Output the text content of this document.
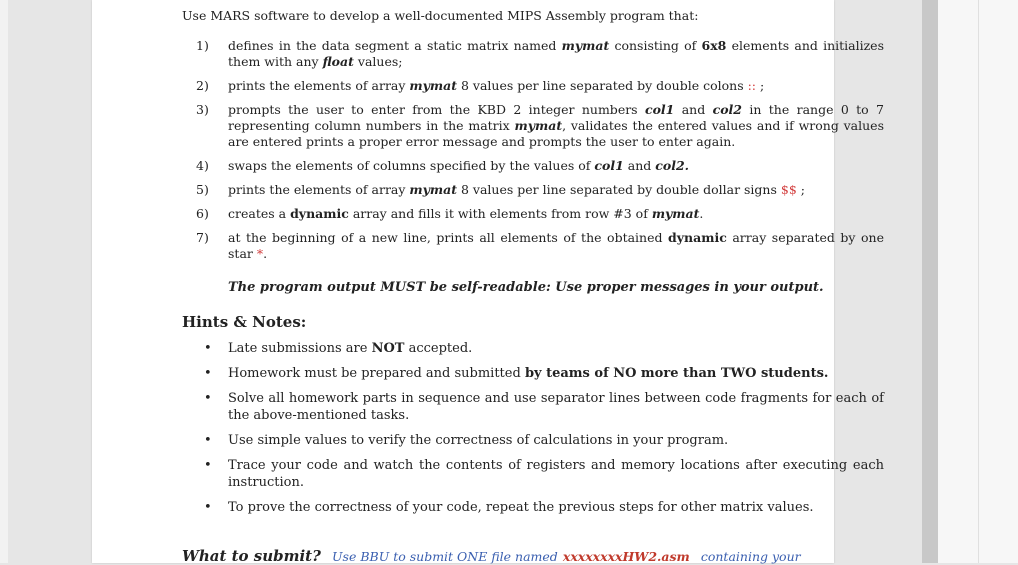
Use MARS software to develop a well-documented MIPS Assembly program that:
1) defines in the data segment a static matrix named mymat consisting of 6x8 elements and initializes them with any float values;
2) prints the elements of array mymat 8 values per line separated by double colons :: ;
3) prompts the user to enter from the KBD 2 integer numbers col1 and col2 in the range 0 to 7 representing column numbers in the matrix mymat, validates the entered values and if wrong values are entered prints a proper error message and prompts the user to enter again.
4) swaps the elements of columns specified by the values of col1 and col2.
5) prints the elements of array mymat 8 values per line separated by double dollar signs $$ ;
6) creates a dynamic array and fills it with elements from row #3 of mymat.
7) at the beginning of a new line, prints all elements of the obtained dynamic array separated by one star *.
The program output MUST be self-readable: Use proper messages in your output.
Hints & Notes:
• Late submissions are NOT accepted.
• Homework must be prepared and submitted by teams of NO more than TWO students.
• Solve all homework parts in sequence and use separator lines between code fragments for each of the above-mentioned tasks.
• Use simple values to verify the correctness of calculations in your program.
• Trace your code and watch the contents of registers and memory locations after executing each instruction.
• To prove the correctness of your code, repeat the previous steps for other matrix values.
What to submit? Use BBU to submit ONE file named xxxxxxxxHW2.asm containing your
